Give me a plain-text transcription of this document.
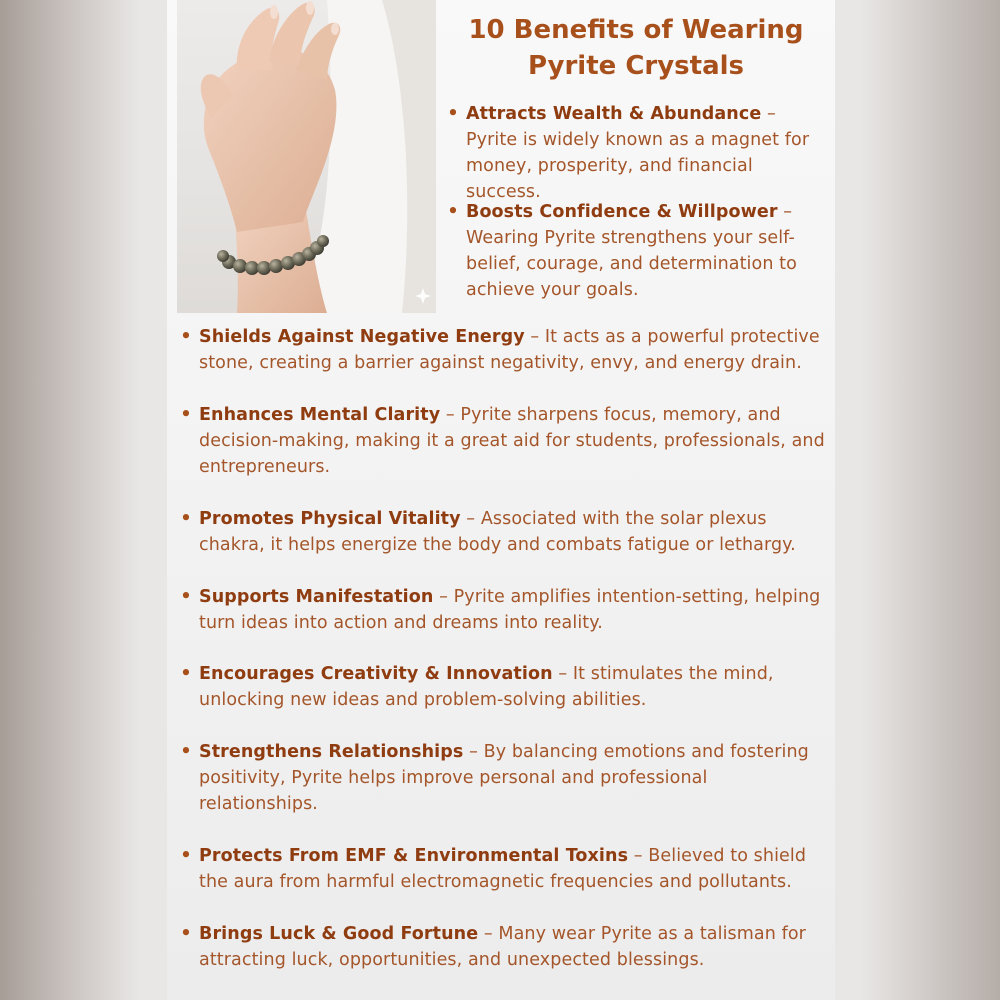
10 Benefits of Wearing
Pyrite Crystals
• Attracts Wealth & Abundance – Pyrite is widely known as a magnet for money, prosperity, and financial success.
• Boosts Confidence & Willpower – Wearing Pyrite strengthens your self-belief, courage, and determination to achieve your goals.
• Shields Against Negative Energy – It acts as a powerful protective stone, creating a barrier against negativity, envy, and energy drain.
• Enhances Mental Clarity – Pyrite sharpens focus, memory, and decision-making, making it a great aid for students, professionals, and entrepreneurs.
• Promotes Physical Vitality – Associated with the solar plexus chakra, it helps energize the body and combats fatigue or lethargy.
• Supports Manifestation – Pyrite amplifies intention-setting, helping turn ideas into action and dreams into reality.
• Encourages Creativity & Innovation – It stimulates the mind, unlocking new ideas and problem-solving abilities.
• Strengthens Relationships – By balancing emotions and fostering positivity, Pyrite helps improve personal and professional relationships.
• Protects From EMF & Environmental Toxins – Believed to shield the aura from harmful electromagnetic frequencies and pollutants.
• Brings Luck & Good Fortune – Many wear Pyrite as a talisman for attracting luck, opportunities, and unexpected blessings.
